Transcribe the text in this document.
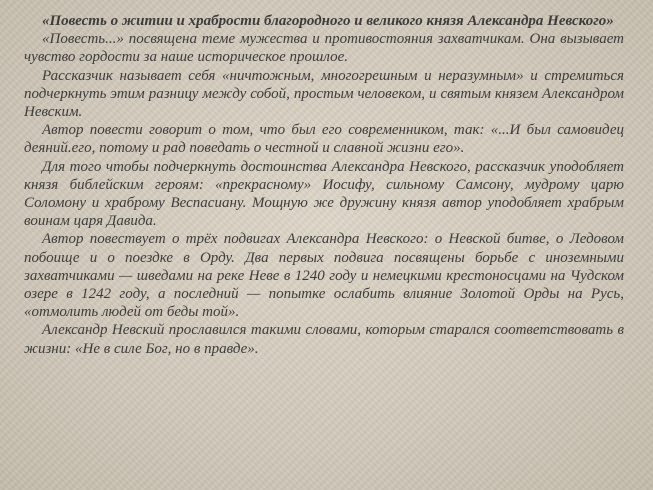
«Повесть о житии и храбрости благородного и великого князя Александра Невского»

«Повесть...» посвящена теме мужества и противостояния захватчикам. Она вызывает чувство гордости за наше историческое прошлое.

Рассказчик называет себя «ничтожным, многогрешным и неразумным» и стремиться подчеркнуть этим разницу между собой, простым человеком, и святым князем Александром Невским.

Автор повести говорит о том, что был его современником, так: «...И был самовидец деяний.его, потому и рад поведать о честной и славной жизни его».

Для того чтобы подчеркнуть достоинства Александра Невского, рассказчик уподобляет князя библейским героям: «прекрасному» Иосифу, сильному Самсону, мудрому царю Соломону и храброму Веспасиану. Мощную же дружину князя автор уподобляет храбрым воинам царя Давида.

Автор повествует о трёх подвигах Александра Невского: о Невской битве, о Ледовом побоище и о поездке в Орду. Два первых подвига посвящены борьбе с иноземными захватчиками — шведами на реке Неве в 1240 году и немецкими крестоносцами на Чудском озере в 1242 году, а последний — попытке ослабить влияние Золотой Орды на Русь, «отмолить людей от беды той».

Александр Невский прославился такими словами, которым старался соответствовать в жизни: «Не в силе Бог, но в правде».
